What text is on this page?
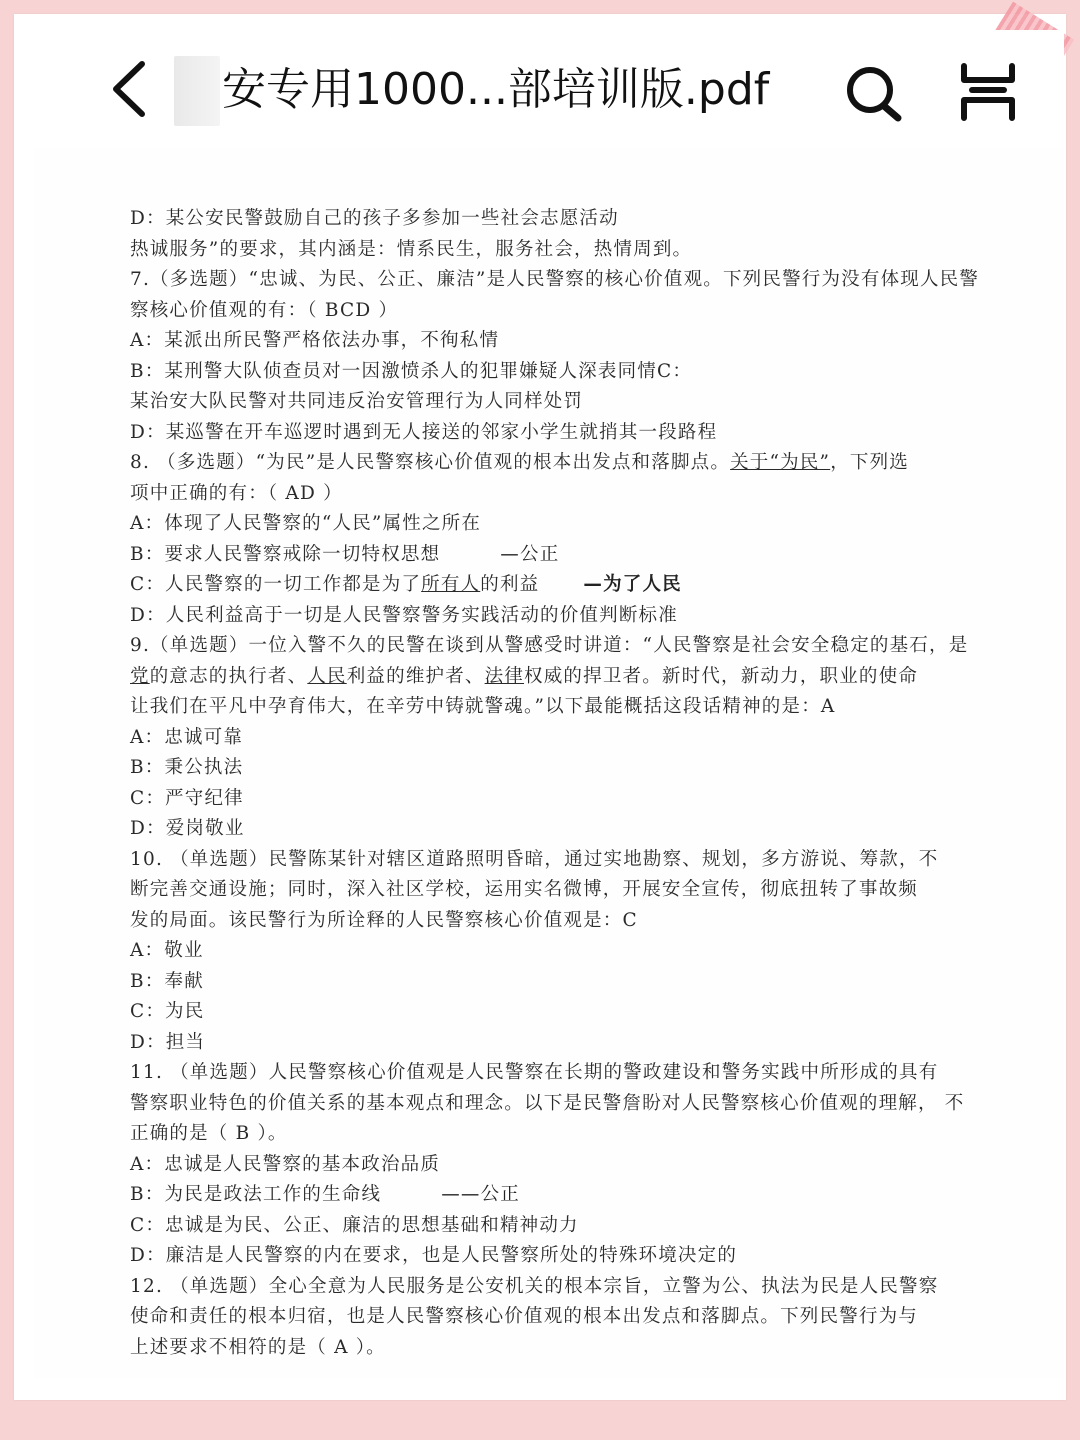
安专用1000...部培训版.pdf
D：某公安民警鼓励自己的孩子多参加一些社会志愿活动
热诚服务”的要求，其内涵是：情系民生，服务社会，热情周到。
7.（多选题）“忠诚、为民、公正、廉洁”是人民警察的核心价值观。下列民警行为没有体现人民警
察核心价值观的有：（ BCD ）
A：某派出所民警严格依法办事，不徇私情
B：某刑警大队侦查员对一因激愤杀人的犯罪嫌疑人深表同情C：
某治安大队民警对共同违反治安管理行为人同样处罚
D：某巡警在开车巡逻时遇到无人接送的邻家小学生就捎其一段路程
8. （多选题）“为民”是人民警察核心价值观的根本出发点和落脚点。关于“为民”，下列选
项中正确的有：（ AD ）
A：体现了人民警察的“人民”属性之所在
B：要求人民警察戒除一切特权思想	—公正
C：人民警察的一切工作都是为了所有人的利益 —为了人民
D：人民利益高于一切是人民警察警务实践活动的价值判断标准
9.（单选题）一位入警不久的民警在谈到从警感受时讲道：“人民警察是社会安全稳定的基石，是
党的意志的执行者、人民利益的维护者、法律权威的捍卫者。新时代，新动力，职业的使命
让我们在平凡中孕育伟大，在辛劳中铸就警魂。”以下最能概括这段话精神的是：A
A：忠诚可靠
B：秉公执法
C：严守纪律
D：爱岗敬业
10. （单选题）民警陈某针对辖区道路照明昏暗，通过实地勘察、规划，多方游说、筹款，不
断完善交通设施；同时，深入社区学校，运用实名微博，开展安全宣传，彻底扭转了事故频
发的局面。该民警行为所诠释的人民警察核心价值观是：C
A：敬业
B：奉献
C：为民
D：担当
11. （单选题）人民警察核心价值观是人民警察在长期的警政建设和警务实践中所形成的具有
警察职业特色的价值关系的基本观点和理念。以下是民警詹盼对人民警察核心价值观的理解， 不
正确的是（ B ）。
A：忠诚是人民警察的基本政治品质
B：为民是政法工作的生命线	——公正
C：忠诚是为民、公正、廉洁的思想基础和精神动力
D：廉洁是人民警察的内在要求，也是人民警察所处的特殊环境决定的
12. （单选题）全心全意为人民服务是公安机关的根本宗旨，立警为公、执法为民是人民警察
使命和责任的根本归宿，也是人民警察核心价值观的根本出发点和落脚点。下列民警行为与
上述要求不相符的是（ A ）。
